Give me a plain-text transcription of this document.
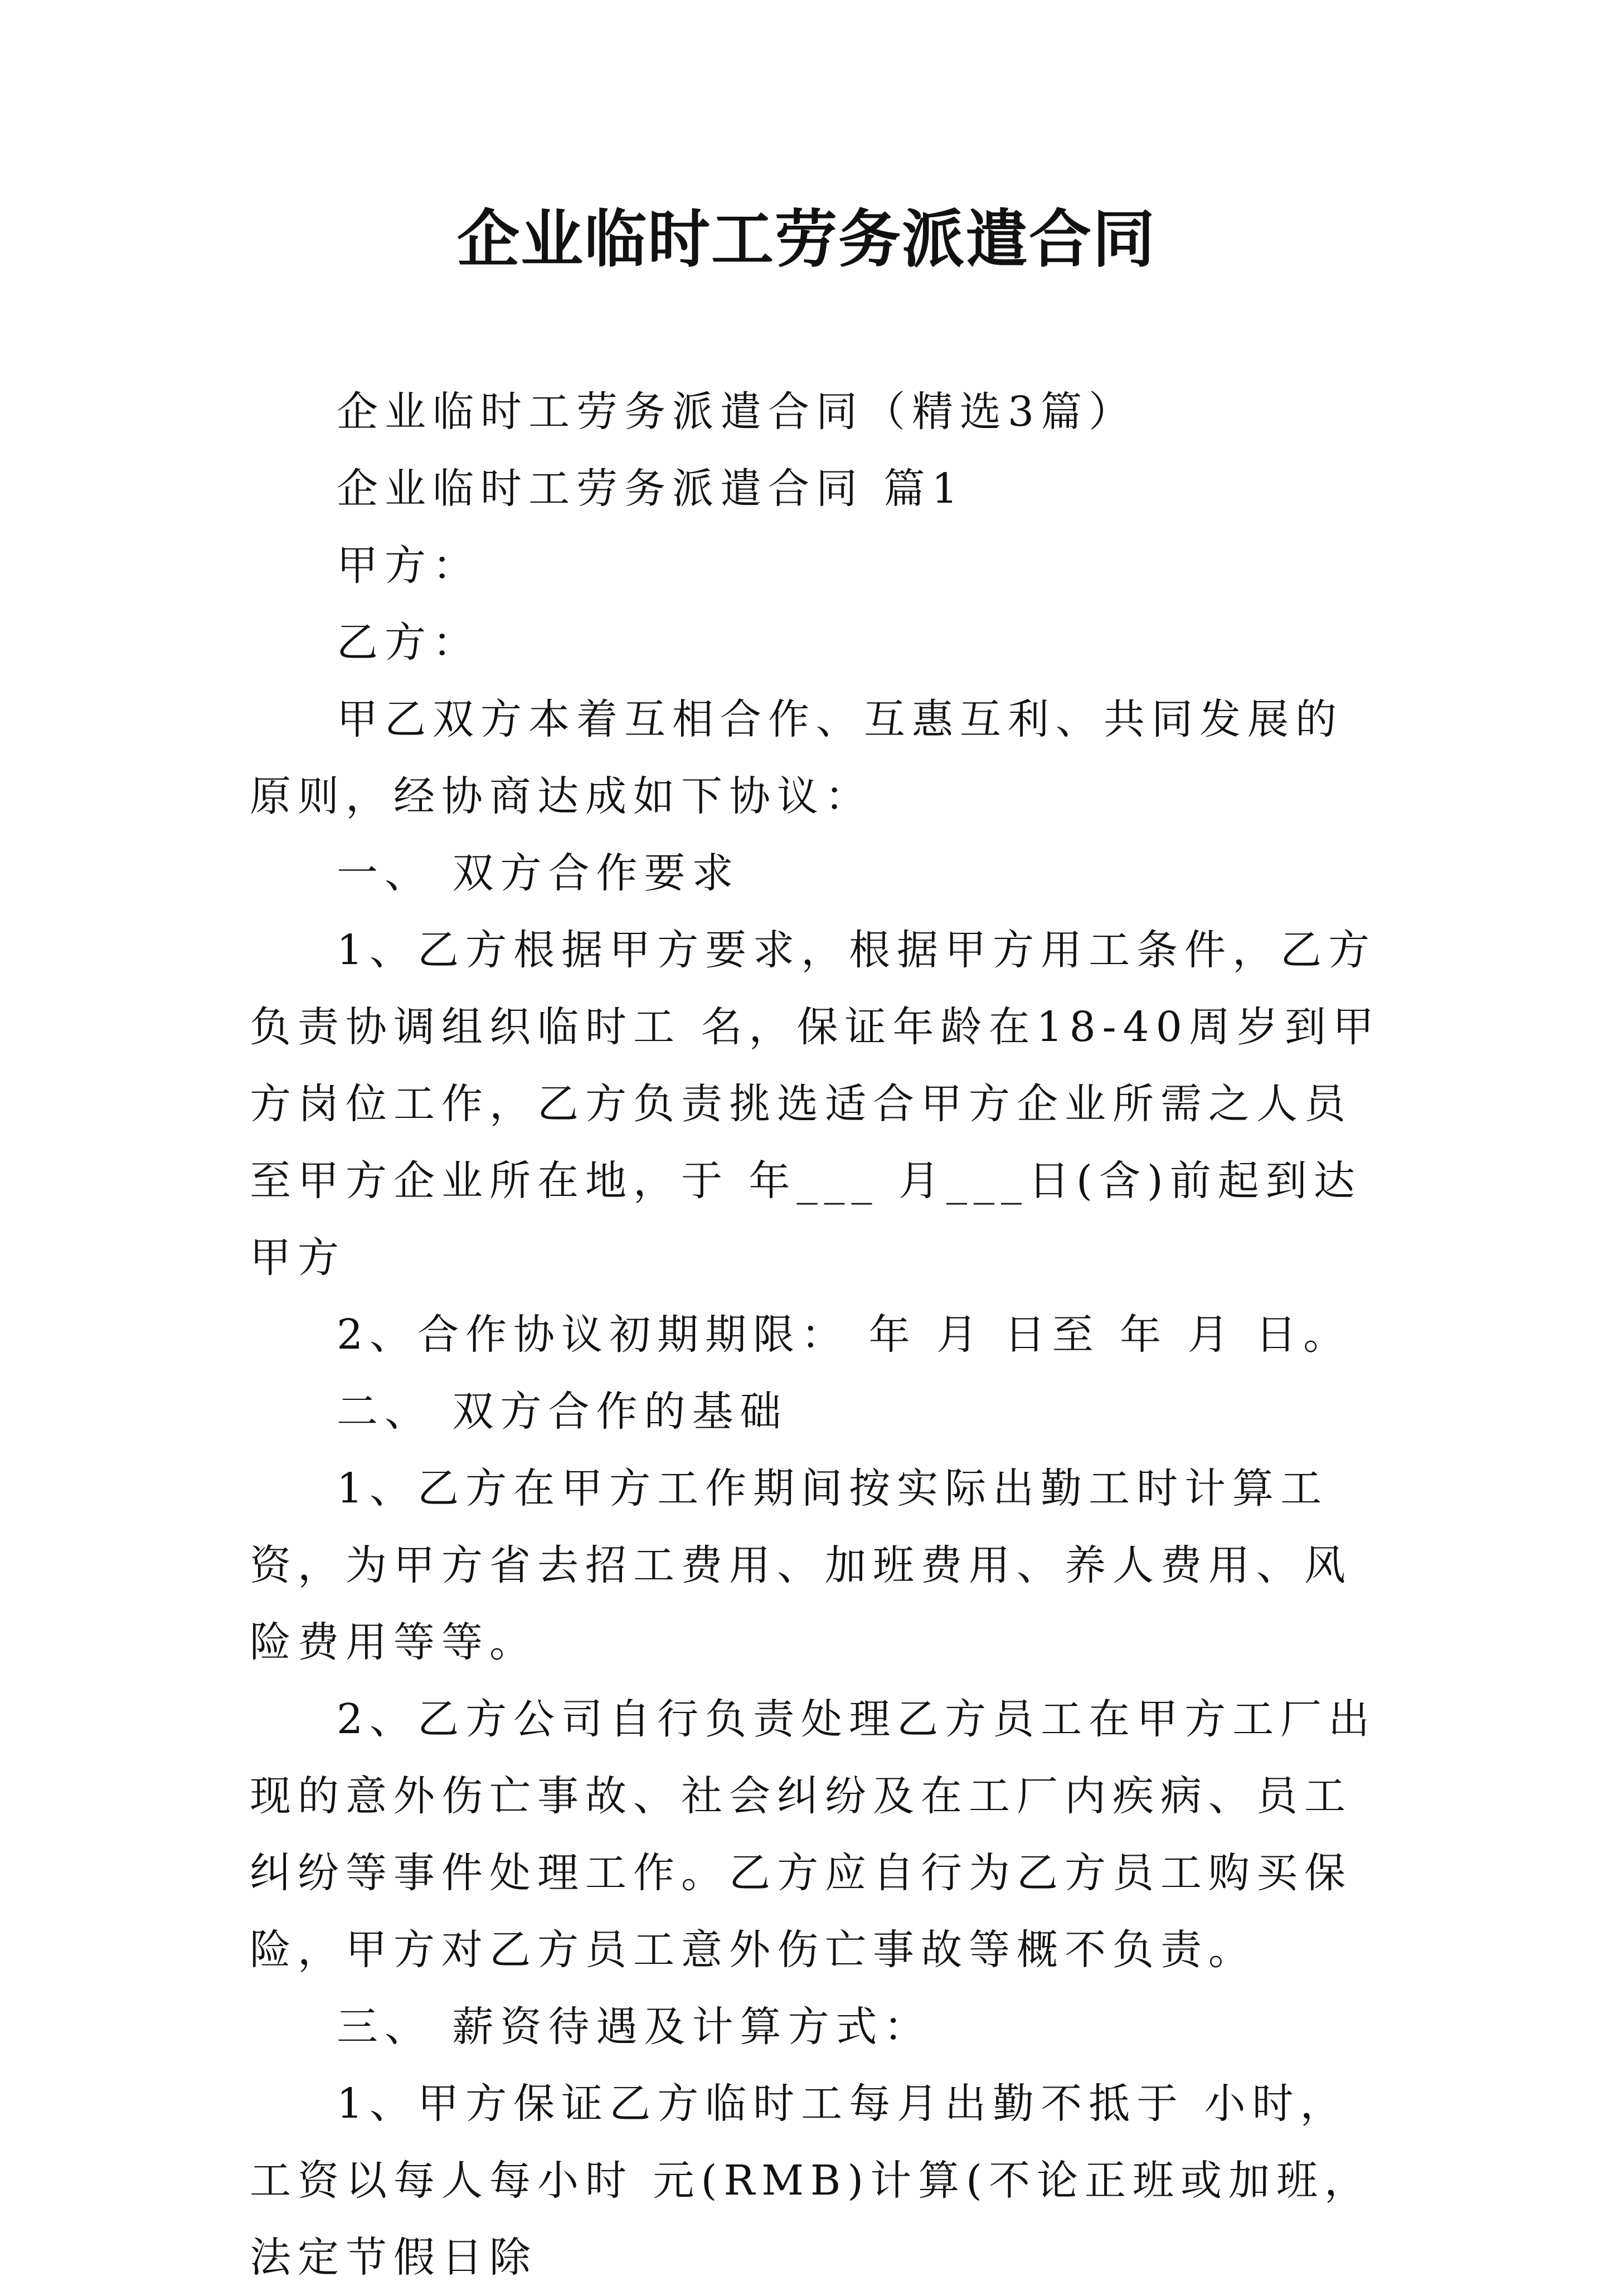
企业临时工劳务派遣合同

企业临时工劳务派遣合同（精选3篇）

企业临时工劳务派遣合同 篇1

甲方：

乙方：

甲乙双方本着互相合作、互惠互利、共同发展的原则，经协商达成如下协议：

一、 双方合作要求

1、乙方根据甲方要求，根据甲方用工条件，乙方负责协调组织临时工 名，保证年龄在18-40周岁到甲方岗位工作，乙方负责挑选适合甲方企业所需之人员至甲方企业所在地，于 年___ 月___日(含)前起到达甲方

2、合作协议初期期限： 年 月 日至 年 月 日。

二、 双方合作的基础

1、乙方在甲方工作期间按实际出勤工时计算工资，为甲方省去招工费用、加班费用、养人费用、风险费用等等。

2、乙方公司自行负责处理乙方员工在甲方工厂出现的意外伤亡事故、社会纠纷及在工厂内疾病、员工纠纷等事件处理工作。乙方应自行为乙方员工购买保险，甲方对乙方员工意外伤亡事故等概不负责。

三、 薪资待遇及计算方式：

1、甲方保证乙方临时工每月出勤不抵于 小时，工资以每人每小时 元(RMB)计算(不论正班或加班，法定节假日除
